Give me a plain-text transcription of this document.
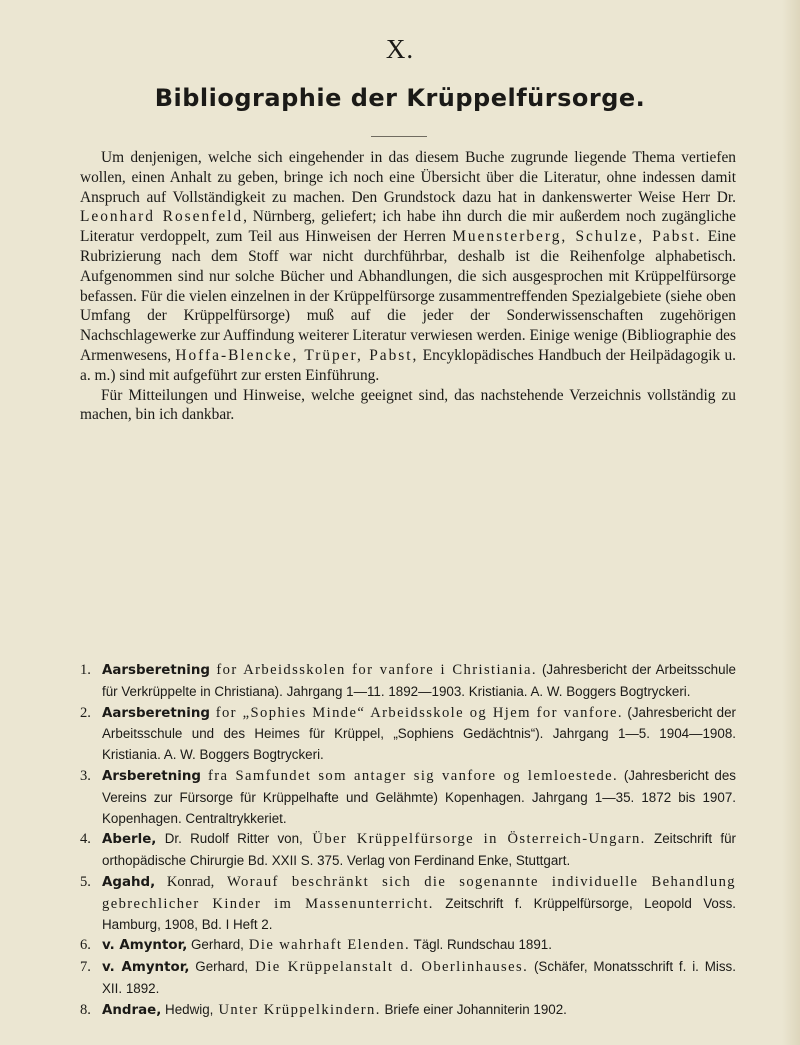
X.
Bibliographie der Krüppelfürsorge.

Um denjenigen, welche sich eingehender in das diesem Buche zugrunde liegende Thema vertiefen wollen, einen Anhalt zu geben, bringe ich noch eine Übersicht über die Literatur, ohne indessen damit Anspruch auf Vollständigkeit zu machen. Den Grundstock dazu hat in dankenswerter Weise Herr Dr. Leonhard Rosenfeld, Nürnberg, geliefert; ich habe ihn durch die mir außerdem noch zugängliche Literatur verdoppelt, zum Teil aus Hinweisen der Herren Muensterberg, Schulze, Pabst. Eine Rubrizierung nach dem Stoff war nicht durchführbar, deshalb ist die Reihenfolge alphabetisch. Aufgenommen sind nur solche Bücher und Abhandlungen, die sich ausgesprochen mit Krüppelfürsorge befassen. Für die vielen einzelnen in der Krüppelfürsorge zusammentreffenden Spezialgebiete (siehe oben Umfang der Krüppelfürsorge) muß auf die jeder der Sonderwissenschaften zugehörigen Nachschlagewerke zur Auffindung weiterer Literatur verwiesen werden. Einige wenige (Bibliographie des Armenwesens, Hoffa-Blencke, Trüper, Pabst, Encyklopädisches Handbuch der Heilpädagogik u. a. m.) sind mit aufgeführt zur ersten Einführung.

Für Mitteilungen und Hinweise, welche geeignet sind, das nachstehende Verzeichnis vollständig zu machen, bin ich dankbar.

1. Aarsberetning for Arbeidsskolen for vanfore i Christiania. (Jahresbericht der Arbeitsschule für Verkrüppelte in Christiana). Jahrgang 1—11. 1892—1903. Kristiania. A. W. Boggers Bogtryckeri.
2. Aarsberetning for „Sophies Minde“ Arbeidsskole og Hjem for vanfore. (Jahresbericht der Arbeitsschule und des Heimes für Krüppel, „Sophiens Gedächtnis“). Jahrgang 1—5. 1904—1908. Kristiania. A. W. Boggers Bogtryckeri.
3. Arsberetning fra Samfundet som antager sig vanfore og lemloestede. (Jahresbericht des Vereins zur Fürsorge für Krüppelhafte und Gelähmte) Kopenhagen. Jahrgang 1—35. 1872 bis 1907. Kopenhagen. Centraltrykkeriet.
4. Aberle, Dr. Rudolf Ritter von, Über Krüppelfürsorge in Österreich-Ungarn. Zeitschrift für orthopädische Chirurgie Bd. XXII S. 375. Verlag von Ferdinand Enke, Stuttgart.
5. Agahd, Konrad, Worauf beschränkt sich die sogenannte individuelle Behandlung gebrechlicher Kinder im Massenunterricht. Zeitschrift f. Krüppelfürsorge, Leopold Voss. Hamburg, 1908, Bd. I Heft 2.
6. v. Amyntor, Gerhard, Die wahrhaft Elenden. Tägl. Rundschau 1891.
7. v. Amyntor, Gerhard, Die Krüppelanstalt d. Oberlinhauses. (Schäfer, Monatsschrift f. i. Miss. XII. 1892.
8. Andrae, Hedwig, Unter Krüppelkindern. Briefe einer Johanniterin 1902.
